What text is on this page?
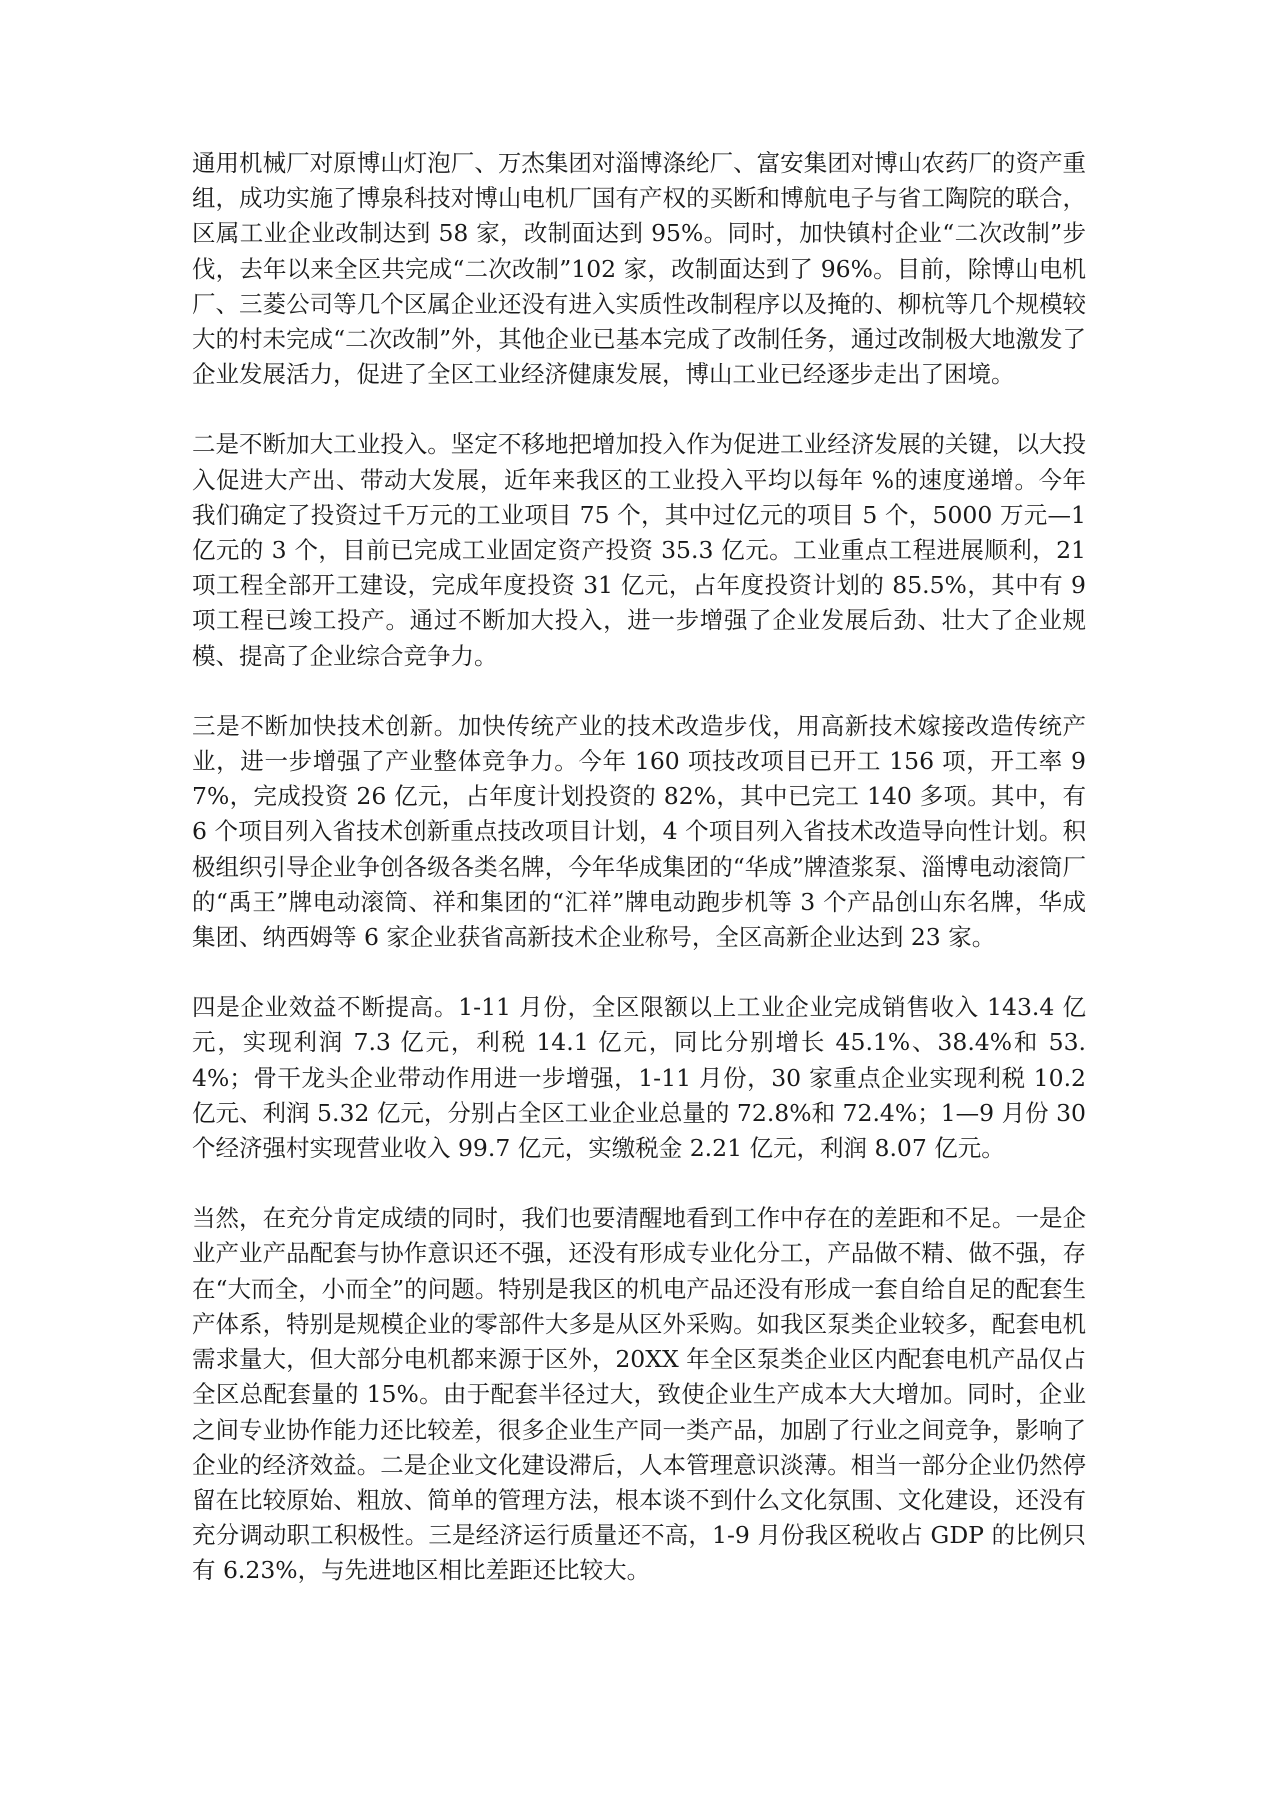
通用机械厂对原博山灯泡厂、万杰集团对淄博涤纶厂、富安集团对博山农药厂的资产重组，成功实施了博泉科技对博山电机厂国有产权的买断和博航电子与省工陶院的联合，区属工业企业改制达到 58 家，改制面达到 95%。同时，加快镇村企业“二次改制”步伐，去年以来全区共完成“二次改制”102 家，改制面达到了 96%。目前，除博山电机厂、三菱公司等几个区属企业还没有进入实质性改制程序以及掩的、柳杭等几个规模较大的村未完成“二次改制”外，其他企业已基本完成了改制任务，通过改制极大地激发了企业发展活力，促进了全区工业经济健康发展，博山工业已经逐步走出了困境。

二是不断加大工业投入。坚定不移地把增加投入作为促进工业经济发展的关键，以大投入促进大产出、带动大发展，近年来我区的工业投入平均以每年 %的速度递增。今年我们确定了投资过千万元的工业项目 75 个，其中过亿元的项目 5 个，5000 万元—1 亿元的 3 个，目前已完成工业固定资产投资 35.3 亿元。工业重点工程进展顺利，21 项工程全部开工建设，完成年度投资 31 亿元，占年度投资计划的 85.5%，其中有 9 项工程已竣工投产。通过不断加大投入，进一步增强了企业发展后劲、壮大了企业规模、提高了企业综合竞争力。

三是不断加快技术创新。加快传统产业的技术改造步伐，用高新技术嫁接改造传统产业，进一步增强了产业整体竞争力。今年 160 项技改项目已开工 156 项，开工率 97%，完成投资 26 亿元，占年度计划投资的 82%，其中已完工 140 多项。其中，有 6 个项目列入省技术创新重点技改项目计划，4 个项目列入省技术改造导向性计划。积极组织引导企业争创各级各类名牌，今年华成集团的“华成”牌渣浆泵、淄博电动滚筒厂的“禹王”牌电动滚筒、祥和集团的“汇祥”牌电动跑步机等 3 个产品创山东名牌，华成集团、纳西姆等 6 家企业获省高新技术企业称号，全区高新企业达到 23 家。

四是企业效益不断提高。1-11 月份，全区限额以上工业企业完成销售收入 143.4 亿元，实现利润 7.3 亿元，利税 14.1 亿元，同比分别增长 45.1%、38.4%和 53.4%；骨干龙头企业带动作用进一步增强，1-11 月份，30 家重点企业实现利税 10.2 亿元、利润 5.32 亿元，分别占全区工业企业总量的 72.8%和 72.4%；1—9 月份 30 个经济强村实现营业收入 99.7 亿元，实缴税金 2.21 亿元，利润 8.07 亿元。

当然，在充分肯定成绩的同时，我们也要清醒地看到工作中存在的差距和不足。一是企业产业产品配套与协作意识还不强，还没有形成专业化分工，产品做不精、做不强，存在“大而全，小而全”的问题。特别是我区的机电产品还没有形成一套自给自足的配套生产体系，特别是规模企业的零部件大多是从区外采购。如我区泵类企业较多，配套电机需求量大，但大部分电机都来源于区外，20XX 年全区泵类企业区内配套电机产品仅占全区总配套量的 15%。由于配套半径过大，致使企业生产成本大大增加。同时，企业之间专业协作能力还比较差，很多企业生产同一类产品，加剧了行业之间竞争，影响了企业的经济效益。二是企业文化建设滞后，人本管理意识淡薄。相当一部分企业仍然停留在比较原始、粗放、简单的管理方法，根本谈不到什么文化氛围、文化建设，还没有充分调动职工积极性。三是经济运行质量还不高，1-9 月份我区税收占 GDP 的比例只有 6.23%，与先进地区相比差距还比较大。
